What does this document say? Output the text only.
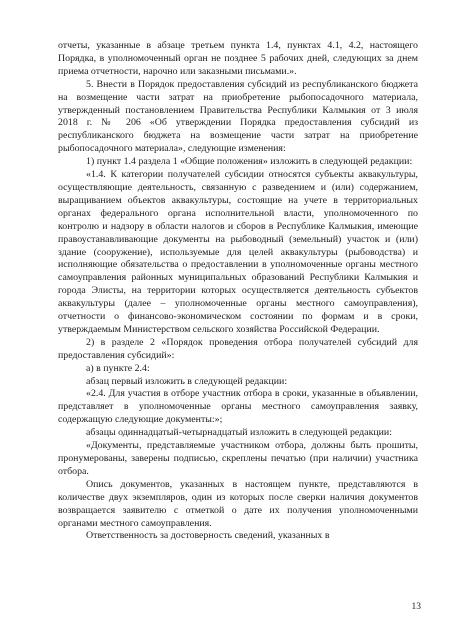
отчеты, указанные в абзаце третьем пункта 1.4, пунктах 4.1, 4.2, настоящего Порядка, в уполномоченный орган не позднее 5 рабочих дней, следующих за днем приема отчетности, нарочно или заказными письмами.».

5. Внести в Порядок предоставления субсидий из республиканского бюджета на возмещение части затрат на приобретение рыбопосадочного материала, утвержденный постановлением Правительства Республики Калмыкия от 3 июля 2018 г. № 206 «Об утверждении Порядка предоставления субсидий из республиканского бюджета на возмещение части затрат на приобретение рыбопосадочного материала», следующие изменения:

1) пункт 1.4 раздела 1 «Общие положения» изложить в следующей редакции:

«1.4. К категории получателей субсидии относятся субъекты аквакультуры, осуществляющие деятельность, связанную с разведением и (или) содержанием, выращиванием объектов аквакультуры, состоящие на учете в территориальных органах федерального органа исполнительной власти, уполномоченного по контролю и надзору в области налогов и сборов в Республике Калмыкия, имеющие правоустанавливающие документы на рыбоводный (земельный) участок и (или) здание (сооружение), используемые для целей аквакультуры (рыбоводства) и исполняющие обязательства о предоставлении в уполномоченные органы местного самоуправления районных муниципальных образований Республики Калмыкия и города Элисты, на территории которых осуществляется деятельность субъектов аквакультуры (далее – уполномоченные органы местного самоуправления), отчетности о финансово-экономическом состоянии по формам и в сроки, утверждаемым Министерством сельского хозяйства Российской Федерации.

2) в разделе 2 «Порядок проведения отбора получателей субсидий для предоставления субсидий»:

а) в пункте 2.4:

абзац первый изложить в следующей редакции:

«2.4. Для участия в отборе участник отбора в сроки, указанные в объявлении, представляет в уполномоченные органы местного самоуправления заявку, содержащую следующие документы:»;

абзацы одиннадцатый-четырнадцатый изложить в следующей редакции:

«Документы, представляемые участником отбора, должны быть прошиты, пронумерованы, заверены подписью, скреплены печатью (при наличии) участника отбора.

Опись документов, указанных в настоящем пункте, представляются в количестве двух экземпляров, один из которых после сверки наличия документов возвращается заявителю с отметкой о дате их получения уполномоченными органами местного самоуправления.

Ответственность за достоверность сведений, указанных в

13
